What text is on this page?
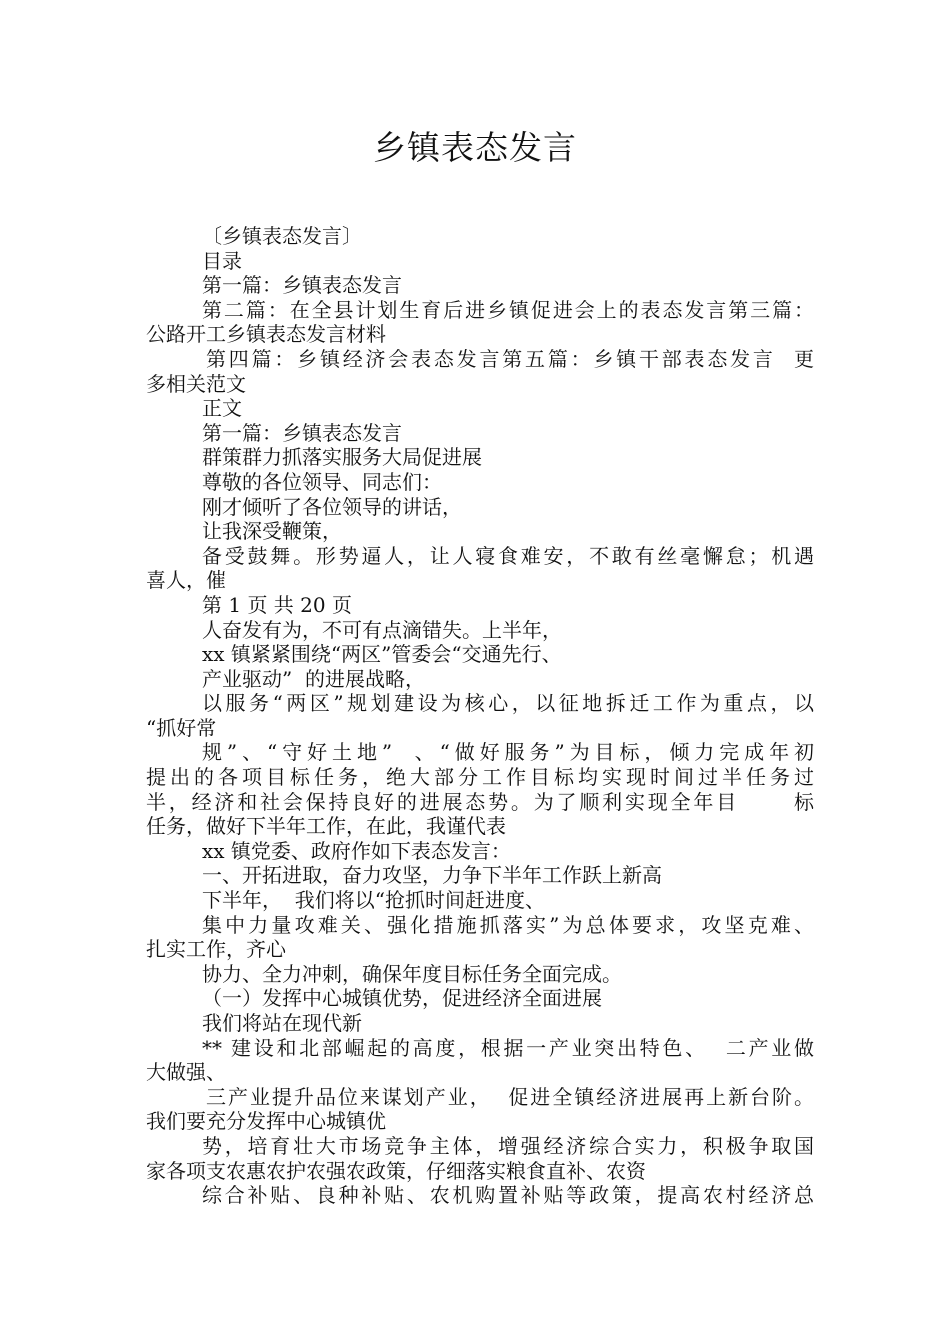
乡镇表态发言
〔乡镇表态发言〕
目录
第一篇：乡镇表态发言
第二篇：在全县计划生育后进乡镇促进会上的表态发言第三篇：
公路开工乡镇表态发言材料
第四篇：乡镇经济会表态发言第五篇：乡镇干部表态发言  更
多相关范文
正文
第一篇：乡镇表态发言
群策群力抓落实服务大局促进展
尊敬的各位领导、同志们：
刚才倾听了各位领导的讲话，
让我深受鞭策，
备受鼓舞。形势逼人，让人寝食难安，不敢有丝毫懈怠；机遇
喜人，催
第 1 页 共 20 页
人奋发有为，不可有点滴错失。上半年，
xx 镇紧紧围绕“两区”管委会“交通先行、
产业驱动”  的进展战略，
以服务“两区”规划建设为核心，以征地拆迁工作为重点，以
“抓好常
规”、“守好土地”  、“做好服务”为目标，倾力完成年初
提出的各项目标任务，绝大部分工作目标均实现时间过半任务过
半，经济和社会保持良好的进展态势。为了顺利实现全年目      标
任务，做好下半年工作，在此，我谨代表
xx 镇党委、政府作如下表态发言：
一、开拓进取，奋力攻坚，力争下半年工作跃上新高
下半年，  我们将以“抢抓时间赶进度、
集中力量攻难关、强化措施抓落实”为总体要求，攻坚克难、
扎实工作，齐心
协力、全力冲刺，确保年度目标任务全面完成。
（一）发挥中心城镇优势，促进经济全面进展
我们将站在现代新
** 建设和北部崛起的高度，根据一产业突出特色、  二产业做
大做强、
三产业提升品位来谋划产业，  促进全镇经济进展再上新台阶。
我们要充分发挥中心城镇优
势，培育壮大市场竞争主体，增强经济综合实力，积极争取国
家各项支农惠农护农强农政策，仔细落实粮食直补、农资
综合补贴、良种补贴、农机购置补贴等政策，提高农村经济总
